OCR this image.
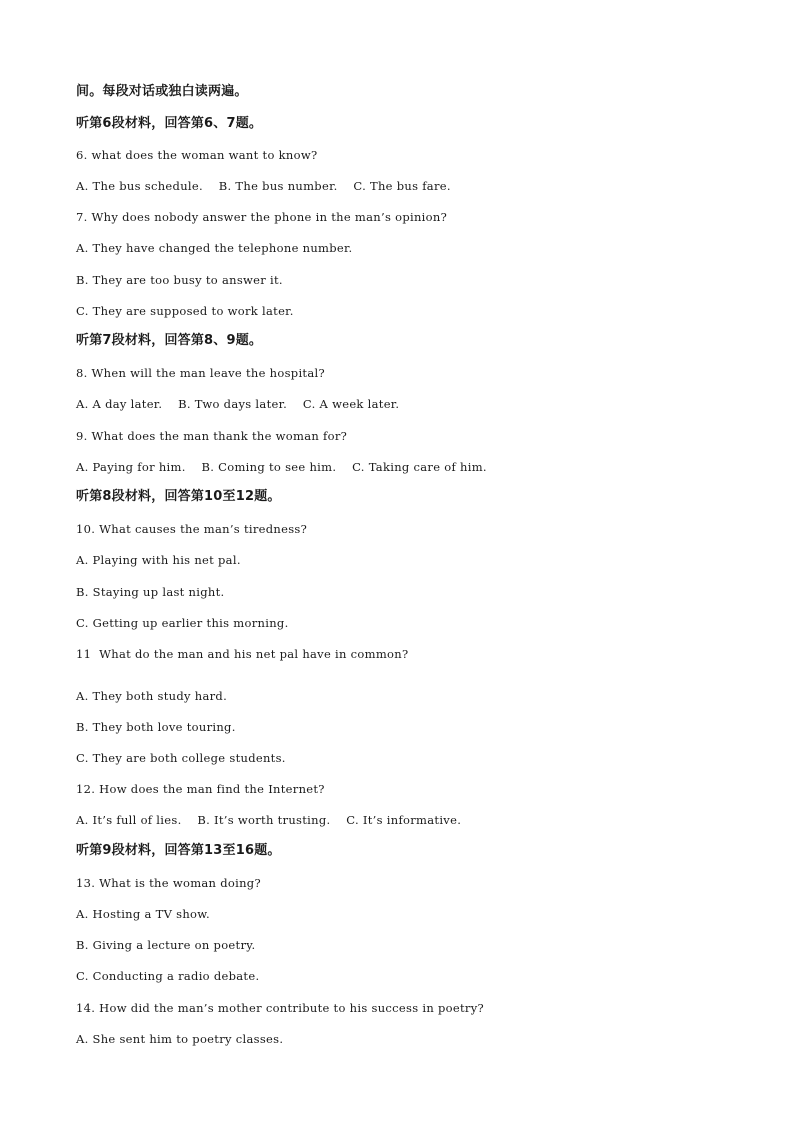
间。每段对话或独白读两遍。
听第6段材料，回答第6、7题。
6. what does the woman want to know?
A. The bus schedule.    B. The bus number.    C. The bus fare.
7. Why does nobody answer the phone in the man’s opinion?
A. They have changed the telephone number.
B. They are too busy to answer it.
C. They are supposed to work later.
听第7段材料，回答第8、9题。
8. When will the man leave the hospital?
A. A day later.    B. Two days later.    C. A week later.
9. What does the man thank the woman for?
A. Paying for him.    B. Coming to see him.    C. Taking care of him.
听第8段材料，回答第10至12题。
10. What causes the man’s tiredness?
A. Playing with his net pal.
B. Staying up last night.
C. Getting up earlier this morning.
11  What do the man and his net pal have in common?
A. They both study hard.
B. They both love touring.
C. They are both college students.
12. How does the man find the Internet?
A. It’s full of lies.    B. It’s worth trusting.    C. It’s informative.
听第9段材料，回答第13至16题。
13. What is the woman doing?
A. Hosting a TV show.
B. Giving a lecture on poetry.
C. Conducting a radio debate.
14. How did the man’s mother contribute to his success in poetry?
A. She sent him to poetry classes.
